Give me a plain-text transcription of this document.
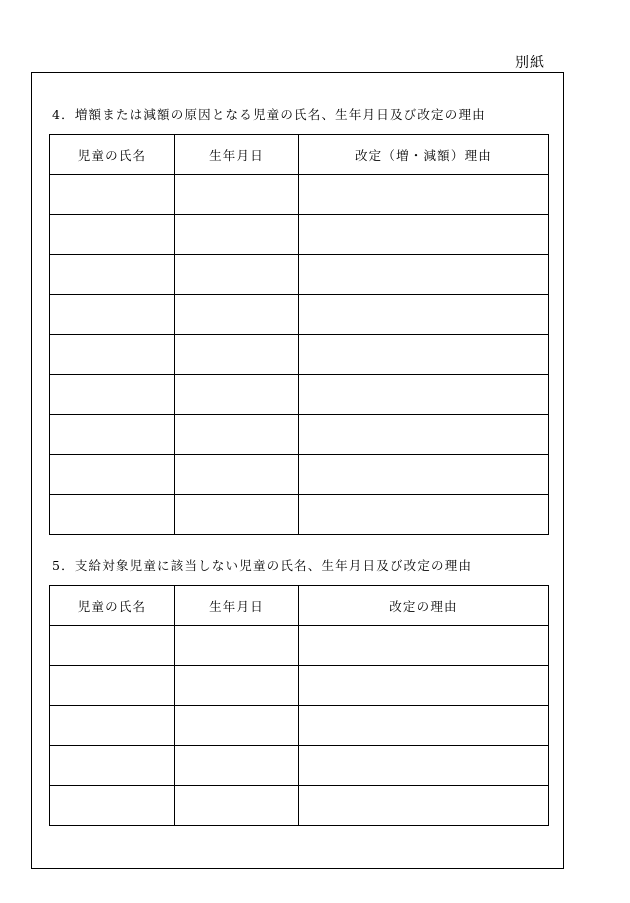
別紙
4．増額または減額の原因となる児童の氏名、生年月日及び改定の理由
児童の氏名	生年月日	改定（増・減額）理由

5．支給対象児童に該当しない児童の氏名、生年月日及び改定の理由
児童の氏名	生年月日	改定の理由
